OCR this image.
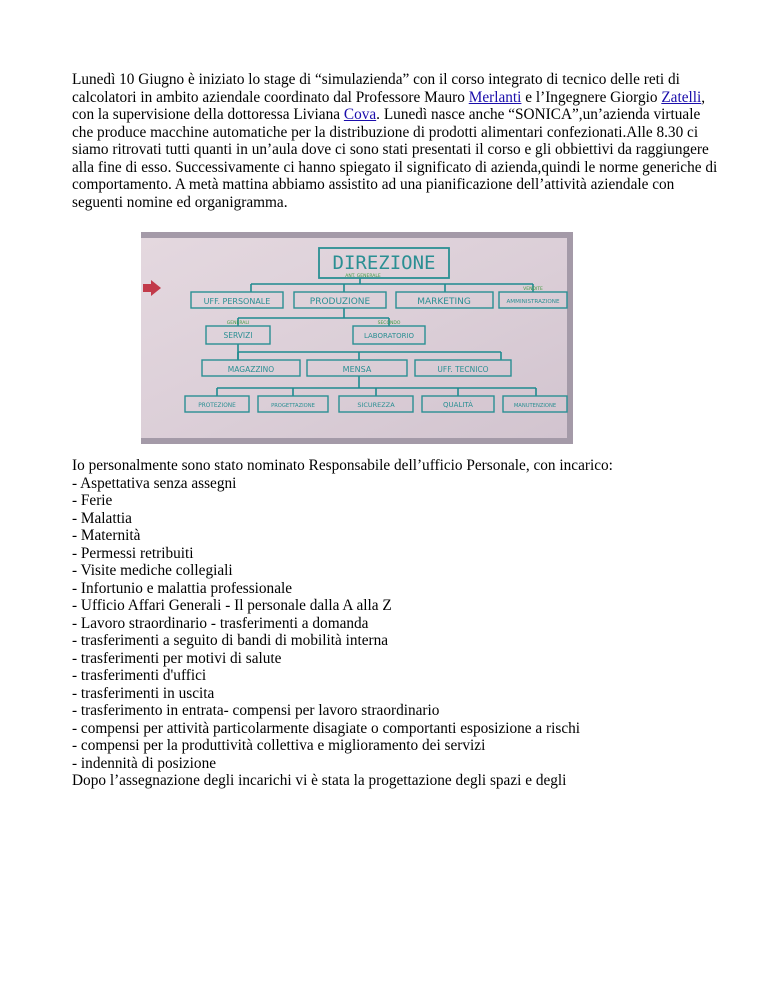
Lunedì 10 Giugno è iniziato lo stage di “simulazienda” con il corso integrato di tecnico delle reti di calcolatori in ambito aziendale coordinato dal Professore Mauro Merlanti e l’Ingegnere Giorgio Zatelli, con la supervisione della dottoressa Liviana Cova. Lunedì nasce anche “SONICA”,un’azienda virtuale che produce macchine automatiche per la distribuzione di prodotti alimentari confezionati.Alle 8.30 ci siamo ritrovati tutti quanti in un’aula dove ci sono stati presentati il corso e gli obbiettivi da raggiungere alla fine di esso. Successivamente ci hanno spiegato il significato di azienda,quindi le norme generiche di comportamento. A metà mattina abbiamo assistito ad una pianificazione dell’attività aziendale con seguenti nomine ed organigramma.

DIREZIONE
ANT. GENERALE
UFF. PERSONALE	PRODUZIONE	MARKETING	AMMINISTRAZIONE
VENDITE
SERVIZI
GENERALI
LABORATORIO
SECONDO
MAGAZZINO	MENSA	UFF. TECNICO
PROTEZIONE	PROGETTAZIONE	SICUREZZA	QUALITÀ	MANUTENZIONE

Io personalmente sono stato nominato Responsabile dell’ufficio Personale, con incarico:

- Aspettativa senza assegni
- Ferie
- Malattia
- Maternità
- Permessi retribuiti
- Visite mediche collegiali
- Infortunio e malattia professionale
- Ufficio Affari Generali - Il personale dalla A alla Z
- Lavoro straordinario - trasferimenti a domanda
- trasferimenti a seguito di bandi di mobilità interna
- trasferimenti per motivi di salute
- trasferimenti d'uffici
- trasferimenti in uscita
- trasferimento in entrata- compensi per lavoro straordinario
- compensi per attività particolarmente disagiate o comportanti esposizione a rischi
- compensi per la produttività collettiva e miglioramento dei servizi
- indennità di posizione

Dopo l’assegnazione degli incarichi vi è stata la progettazione degli spazi e degli
